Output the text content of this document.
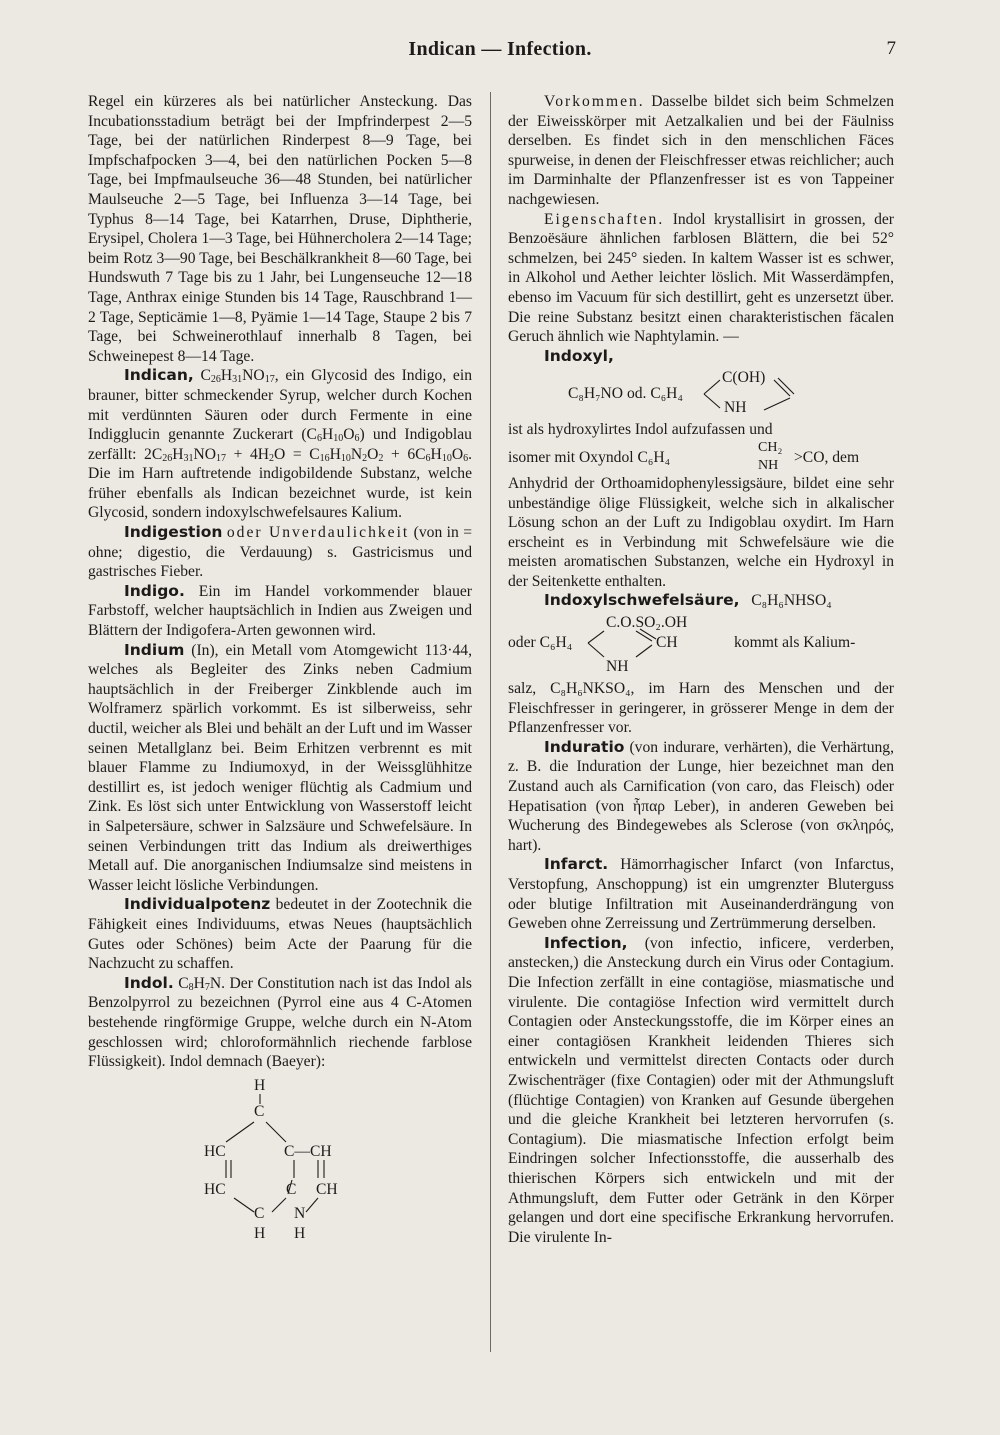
Indican — Infection.	7

Regel ein kürzeres als bei natürlicher Ansteckung. Das Incubationsstadium beträgt bei der Impfrinderpest 2—5 Tage, bei der natürlichen Rinderpest 8—9 Tage, bei Impfschafpocken 3—4, bei den natürlichen Pocken 5—8 Tage, bei Impfmaulseuche 36—48 Stunden, bei natürlicher Maulseuche 2—5 Tage, bei Influenza 3—14 Tage, bei Typhus 8—14 Tage, bei Katarrhen, Druse, Diphtherie, Erysipel, Cholera 1—3 Tage, bei Hühnercholera 2—14 Tage; beim Rotz 3—90 Tage, bei Beschälkrankheit 8—60 Tage, bei Hundswuth 7 Tage bis zu 1 Jahr, bei Lungenseuche 12—18 Tage, Anthrax einige Stunden bis 14 Tage, Rauschbrand 1—2 Tage, Septicämie 1—8, Pyämie 1—14 Tage, Staupe 2 bis 7 Tage, bei Schweinerothlauf innerhalb 8 Tagen, bei Schweinepest 8—14 Tage.

Indican, $C_{26}H_{31}NO_{17}$, ein Glycosid des Indigo, ein brauner, bitter schmeckender Syrup, welcher durch Kochen mit verdünnten Säuren oder durch Fermente in eine Indigglucin genannte Zuckerart $(C_6H_{10}O_6)$ und Indigoblau zerfällt: $2C_{26}H_{31}NO_{17} + 4H_2O = C_{16}H_{10}N_2O_2 + 6C_6H_{10}O_6$. Die im Harn auftretende indigobildende Substanz, welche früher ebenfalls als Indican bezeichnet wurde, ist kein Glycosid, sondern indoxylschwefelsaures Kalium.

Indigestion oder Unverdaulichkeit (von in = ohne; digestio, die Verdauung) s. Gastricismus und gastrisches Fieber.

Indigo. Ein im Handel vorkommender blauer Farbstoff, welcher hauptsächlich in Indien aus Zweigen und Blättern der Indigofera-Arten gewonnen wird.

Indium (In), ein Metall vom Atomgewicht 113·44, welches als Begleiter des Zinks neben Cadmium hauptsächlich in der Freiberger Zinkblende auch im Wolframerz spärlich vorkommt. Es ist silberweiss, sehr ductil, weicher als Blei und behält an der Luft und im Wasser seinen Metallglanz bei. Beim Erhitzen verbrennt es mit blauer Flamme zu Indiumoxyd, in der Weissglühhitze destillirt es, ist jedoch weniger flüchtig als Cadmium und Zink. Es löst sich unter Entwicklung von Wasserstoff leicht in Salpetersäure, schwer in Salzsäure und Schwefelsäure. In seinen Verbindungen tritt das Indium als dreiwerthiges Metall auf. Die anorganischen Indiumsalze sind meistens in Wasser leicht lösliche Verbindungen.

Individualpotenz bedeutet in der Zootechnik die Fähigkeit eines Individuums, etwas Neues (hauptsächlich Gutes oder Schönes) beim Acte der Paarung für die Nachzucht zu schaffen.

Indol. $C_8H_7N$. Der Constitution nach ist das Indol als Benzolpyrrol zu bezeichnen (Pyrrol eine aus 4 C-Atomen bestehende ringförmige Gruppe, welche durch ein N-Atom geschlossen wird; chloroformähnlich riechende farblose Flüssigkeit). Indol demnach (Baeyer):

H
C
HC	C—CH
HC	C CH
C N
H H

Vorkommen. Dasselbe bildet sich beim Schmelzen der Eiweisskörper mit Aetzalkalien und bei der Fäulniss derselben. Es findet sich in den menschlichen Fäces spurweise, in denen der Fleischfresser etwas reichlicher; auch im Darminhalte der Pflanzenfresser ist es von Tappeiner nachgewiesen.

Eigenschaften. Indol krystallisirt in grossen, der Benzoësäure ähnlichen farblosen Blättern, die bei 52° schmelzen, bei 245° sieden. In kaltem Wasser ist es schwer, in Alkohol und Aether leichter löslich. Mit Wasserdämpfen, ebenso im Vacuum für sich destillirt, geht es unzersetzt über. Die reine Substanz besitzt einen charakteristischen fäcalen Geruch ähnlich wie Naphtylamin. —

Indoxyl,

C₈H₇NO od. C₆H₄
C(OH)
NH

ist als hydroxylirtes Indol aufzufassen und

isomer mit Oxyndol C₆H₄
CH₂
NH >CO, dem

Anhydrid der Orthoamidophenylessigsäure, bildet eine sehr unbeständige ölige Flüssigkeit, welche sich in alkalischer Lösung schon an der Luft zu Indigoblau oxydirt. Im Harn erscheint es in Verbindung mit Schwefelsäure wie die meisten aromatischen Substanzen, welche ein Hydroxyl in der Seitenkette enthalten.

Indoxylschwefelsäure, C₈H₆NHSO₄

C.O.SO₂.OH
oder C₆H₄	CH
NH
kommt als Kalium-

salz, C₈H₆NKSO₄, im Harn des Menschen und der Fleischfresser in geringerer, in grösserer Menge in dem der Pflanzenfresser vor.

Induratio (von indurare, verhärten), die Verhärtung, z. B. die Induration der Lunge, hier bezeichnet man den Zustand auch als Carnification (von caro, das Fleisch) oder Hepatisation (von ἧπαρ Leber), in anderen Geweben bei Wucherung des Bindegewebes als Sclerose (von σκληρός, hart).

Infarct. Hämorrhagischer Infarct (von Infarctus, Verstopfung, Anschoppung) ist ein umgrenzter Bluterguss oder blutige Infiltration mit Auseinanderdrängung von Geweben ohne Zerreissung und Zertrümmerung derselben.

Infection, (von infectio, inficere, verderben, anstecken,) die Ansteckung durch ein Virus oder Contagium. Die Infection zerfällt in eine contagiöse, miasmatische und virulente. Die contagiöse Infection wird vermittelt durch Contagien oder Ansteckungsstoffe, die im Körper eines an einer contagiösen Krankheit leidenden Thieres sich entwickeln und vermittelst directen Contacts oder durch Zwischenträger (fixe Contagien) oder mit der Athmungsluft (flüchtige Contagien) von Kranken auf Gesunde übergehen und die gleiche Krankheit bei letzteren hervorrufen (s. Contagium). Die miasmatische Infection erfolgt beim Eindringen solcher Infectionsstoffe, die ausserhalb des thierischen Körpers sich entwickeln und mit der Athmungsluft, dem Futter oder Getränk in den Körper gelangen und dort eine specifische Erkrankung hervorrufen. Die virulente In-
